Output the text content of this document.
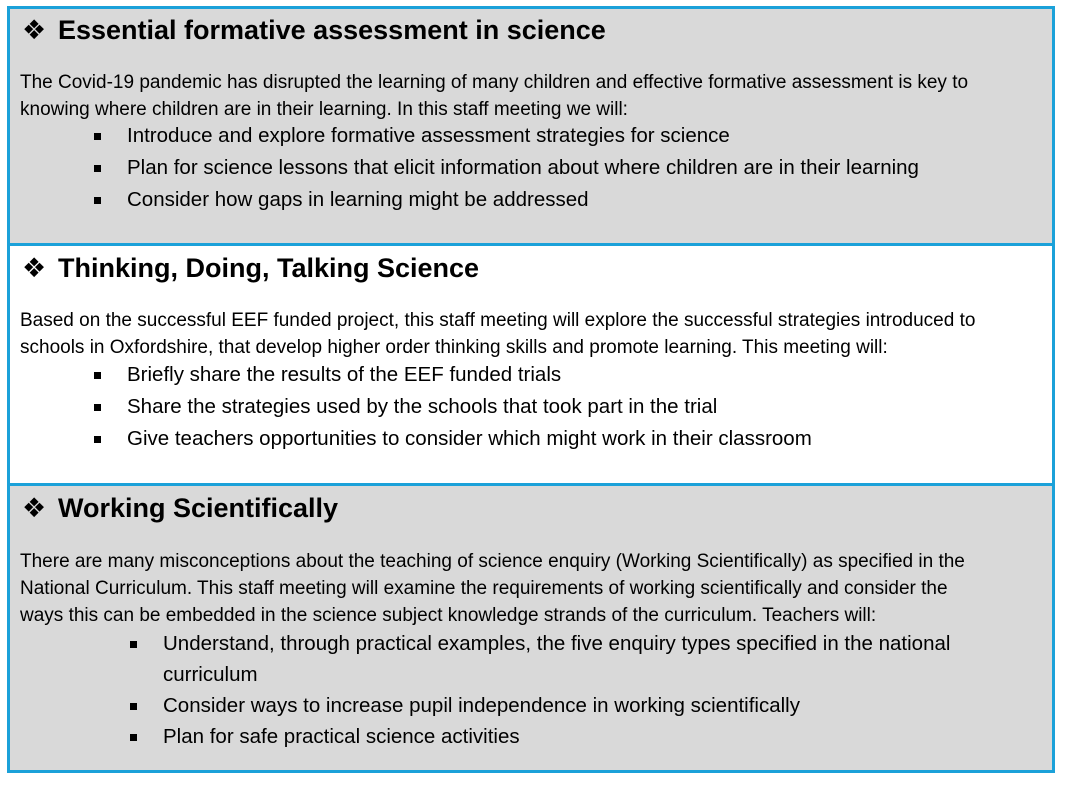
❖ Essential formative assessment in science
The Covid-19 pandemic has disrupted the learning of many children and effective formative assessment is key to
knowing where children are in their learning. In this staff meeting we will:
Introduce and explore formative assessment strategies for science
Plan for science lessons that elicit information about where children are in their learning
Consider how gaps in learning might be addressed
❖ Thinking, Doing, Talking Science
Based on the successful EEF funded project, this staff meeting will explore the successful strategies introduced to
schools in Oxfordshire, that develop higher order thinking skills and promote learning. This meeting will:
Briefly share the results of the EEF funded trials
Share the strategies used by the schools that took part in the trial
Give teachers opportunities to consider which might work in their classroom
❖ Working Scientifically
There are many misconceptions about the teaching of science enquiry (Working Scientifically) as specified in the
National Curriculum. This staff meeting will examine the requirements of working scientifically and consider the
ways this can be embedded in the science subject knowledge strands of the curriculum. Teachers will:
Understand, through practical examples, the five enquiry types specified in the national
curriculum
Consider ways to increase pupil independence in working scientifically
Plan for safe practical science activities
